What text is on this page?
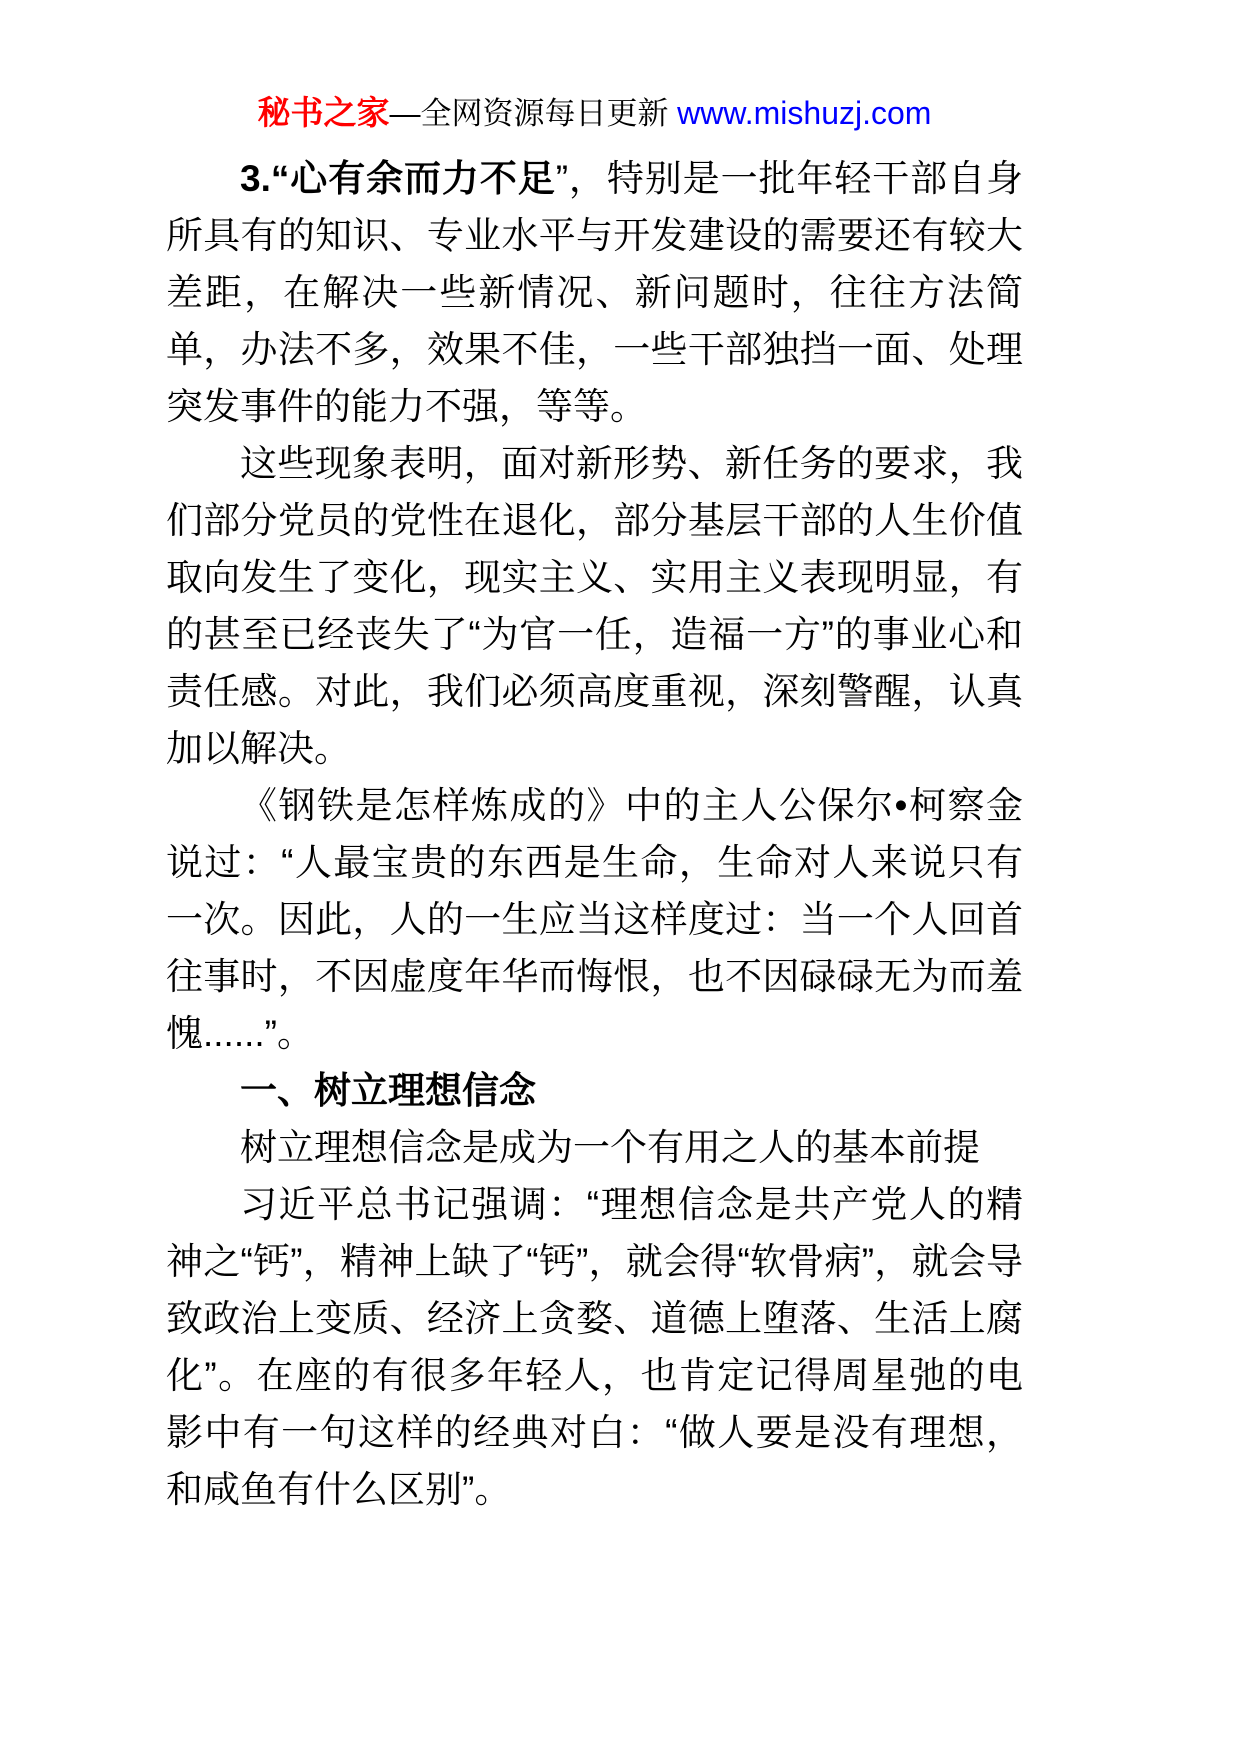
秘书之家—全网资源每日更新 www.mishuzj.com

3.“心有余而力不足”，特别是一批年轻干部自身所具有的知识、专业水平与开发建设的需要还有较大差距，在解决一些新情况、新问题时，往往方法简单，办法不多，效果不佳，一些干部独挡一面、处理突发事件的能力不强，等等。

这些现象表明，面对新形势、新任务的要求，我们部分党员的党性在退化，部分基层干部的人生价值取向发生了变化，现实主义、实用主义表现明显，有的甚至已经丧失了“为官一任，造福一方”的事业心和责任感。对此，我们必须高度重视，深刻警醒，认真加以解决。

《钢铁是怎样炼成的》中的主人公保尔•柯察金说过：“人最宝贵的东西是生命，生命对人来说只有一次。因此，人的一生应当这样度过：当一个人回首往事时，不因虚度年华而悔恨，也不因碌碌无为而羞愧......”。

一、树立理想信念

树立理想信念是成为一个有用之人的基本前提

习近平总书记强调：“理想信念是共产党人的精神之“钙”，精神上缺了“钙”，就会得“软骨病”，就会导致政治上变质、经济上贪婺、道德上堕落、生活上腐化”。在座的有很多年轻人，也肯定记得周星弛的电影中有一句这样的经典对白：“做人要是没有理想，和咸鱼有什么区别”。
